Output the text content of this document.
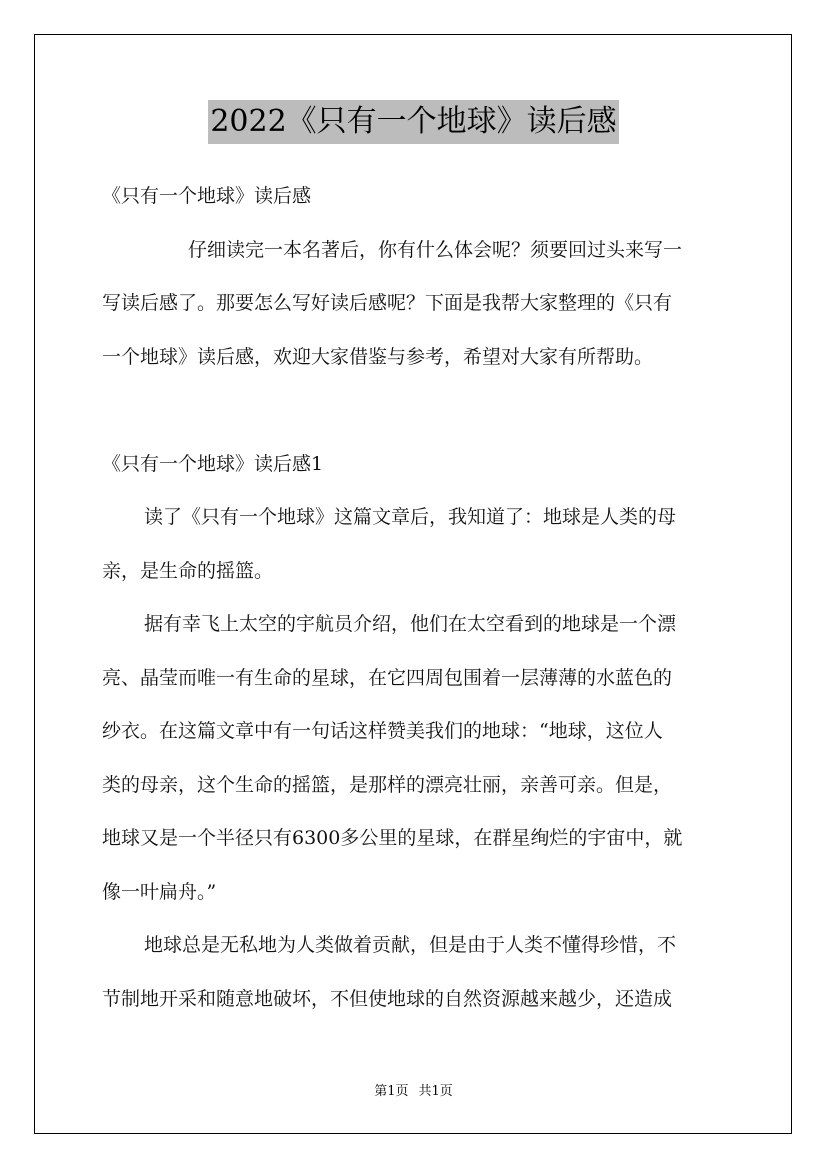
2022《只有一个地球》读后感

《只有一个地球》读后感

仔细读完一本名著后，你有什么体会呢？须要回过头来写一

写读后感了。那要怎么写好读后感呢？下面是我帮大家整理的《只有

一个地球》读后感，欢迎大家借鉴与参考，希望对大家有所帮助。

《只有一个地球》读后感1

读了《只有一个地球》这篇文章后，我知道了：地球是人类的母

亲，是生命的摇篮。

据有幸飞上太空的宇航员介绍，他们在太空看到的地球是一个漂

亮、晶莹而唯一有生命的星球，在它四周包围着一层薄薄的水蓝色的

纱衣。在这篇文章中有一句话这样赞美我们的地球：“地球，这位人

类的母亲，这个生命的摇篮，是那样的漂亮壮丽，亲善可亲。但是，

地球又是一个半径只有6300多公里的星球，在群星绚烂的宇宙中，就

像一叶扁舟。”

地球总是无私地为人类做着贡献，但是由于人类不懂得珍惜，不

节制地开采和随意地破坏，不但使地球的自然资源越来越少，还造成

第1页 共1页
